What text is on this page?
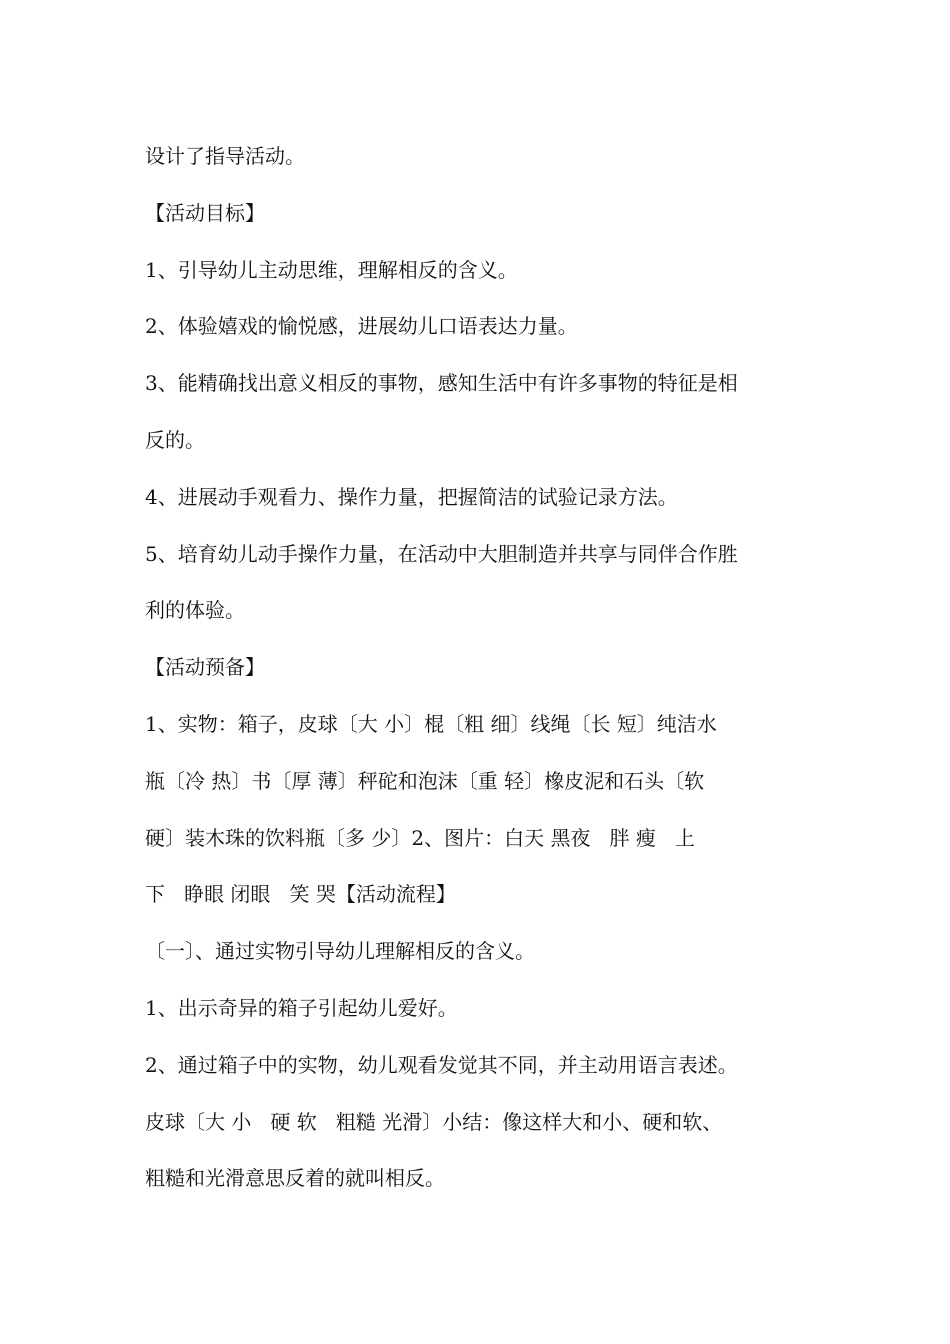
设计了指导活动。
【活动目标】
1、引导幼儿主动思维，理解相反的含义。
2、体验嬉戏的愉悦感，进展幼儿口语表达力量。
3、能精确找出意义相反的事物，感知生活中有许多事物的特征是相
反的。
4、进展动手观看力、操作力量，把握简洁的试验记录方法。
5、培育幼儿动手操作力量，在活动中大胆制造并共享与同伴合作胜
利的体验。
【活动预备】
1、实物：箱子，皮球〔大 小〕棍〔粗 细〕线绳〔长 短〕纯洁水
瓶〔冷 热〕书〔厚 薄〕秤砣和泡沫〔重 轻〕橡皮泥和石头〔软
硬〕装木珠的饮料瓶〔多 少〕2、图片：白天 黑夜   胖 瘦   上
下   睁眼 闭眼   笑 哭【活动流程】
〔一〕、通过实物引导幼儿理解相反的含义。
1、出示奇异的箱子引起幼儿爱好。
2、通过箱子中的实物，幼儿观看发觉其不同，并主动用语言表述。
皮球〔大 小   硬 软   粗糙 光滑〕小结：像这样大和小、硬和软、
粗糙和光滑意思反着的就叫相反。
